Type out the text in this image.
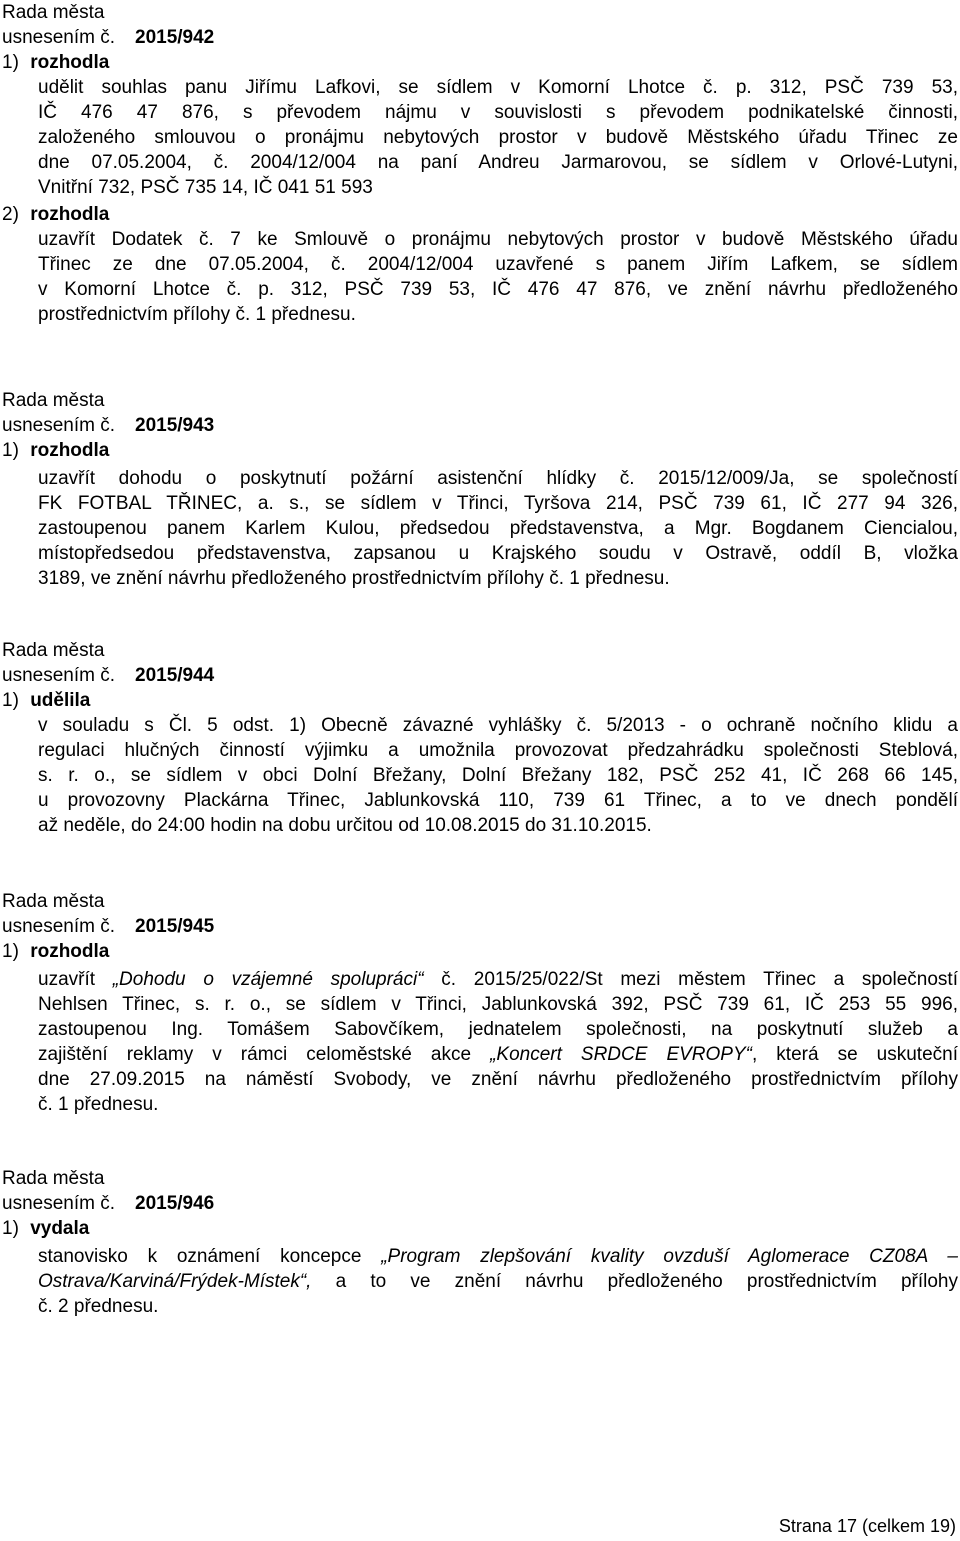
Rada města
usnesením č. 2015/942
1) rozhodla
udělit souhlas panu Jiřímu Lafkovi, se sídlem v Komorní Lhotce č. p. 312, PSČ 739 53,
IČ 476 47 876, s převodem nájmu v souvislosti s převodem podnikatelské činnosti,
založeného smlouvou o pronájmu nebytových prostor v budově Městského úřadu Třinec ze
dne 07.05.2004, č. 2004/12/004 na paní Andreu Jarmarovou, se sídlem v Orlové-Lutyni,
Vnitřní 732, PSČ 735 14, IČ 041 51 593
2) rozhodla
uzavřít Dodatek č. 7 ke Smlouvě o pronájmu nebytových prostor v budově Městského úřadu
Třinec ze dne 07.05.2004, č. 2004/12/004 uzavřené s panem Jiřím Lafkem, se sídlem
v Komorní Lhotce č. p. 312, PSČ 739 53, IČ 476 47 876, ve znění návrhu předloženého
prostřednictvím přílohy č. 1 přednesu.
Rada města
usnesením č. 2015/943
1) rozhodla
uzavřít dohodu o poskytnutí požární asistenční hlídky č. 2015/12/009/Ja, se společností
FK FOTBAL TŘINEC, a. s., se sídlem v Třinci, Tyršova 214, PSČ 739 61, IČ 277 94 326,
zastoupenou panem Karlem Kulou, předsedou představenstva, a Mgr. Bogdanem Ciencialou,
místopředsedou představenstva, zapsanou u Krajského soudu v Ostravě, oddíl B, vložka
3189, ve znění návrhu předloženého prostřednictvím přílohy č. 1 přednesu.
Rada města
usnesením č. 2015/944
1) udělila
v souladu s Čl. 5 odst. 1) Obecně závazné vyhlášky č. 5/2013 - o ochraně nočního klidu a
regulaci hlučných činností výjimku a umožnila provozovat předzahrádku společnosti Steblová,
s. r. o., se sídlem v obci Dolní Břežany, Dolní Břežany 182, PSČ 252 41, IČ 268 66 145,
u provozovny Plackárna Třinec, Jablunkovská 110, 739 61 Třinec, a to ve dnech pondělí
až neděle, do 24:00 hodin na dobu určitou od 10.08.2015 do 31.10.2015.
Rada města
usnesením č. 2015/945
1) rozhodla
uzavřít „Dohodu o vzájemné spolupráci“ č. 2015/25/022/St mezi městem Třinec a společností
Nehlsen Třinec, s. r. o., se sídlem v Třinci, Jablunkovská 392, PSČ 739 61, IČ 253 55 996,
zastoupenou Ing. Tomášem Sabovčíkem, jednatelem společnosti, na poskytnutí služeb a
zajištění reklamy v rámci celoměstské akce „Koncert SRDCE EVROPY“, která se uskuteční
dne 27.09.2015 na náměstí Svobody, ve znění návrhu předloženého prostřednictvím přílohy
č. 1 přednesu.
Rada města
usnesením č. 2015/946
1) vydala
stanovisko k oznámení koncepce „Program zlepšování kvality ovzduší Aglomerace CZ08A –
Ostrava/Karviná/Frýdek-Místek“, a to ve znění návrhu předloženého prostřednictvím přílohy
č. 2 přednesu.
Strana 17 (celkem 19)
